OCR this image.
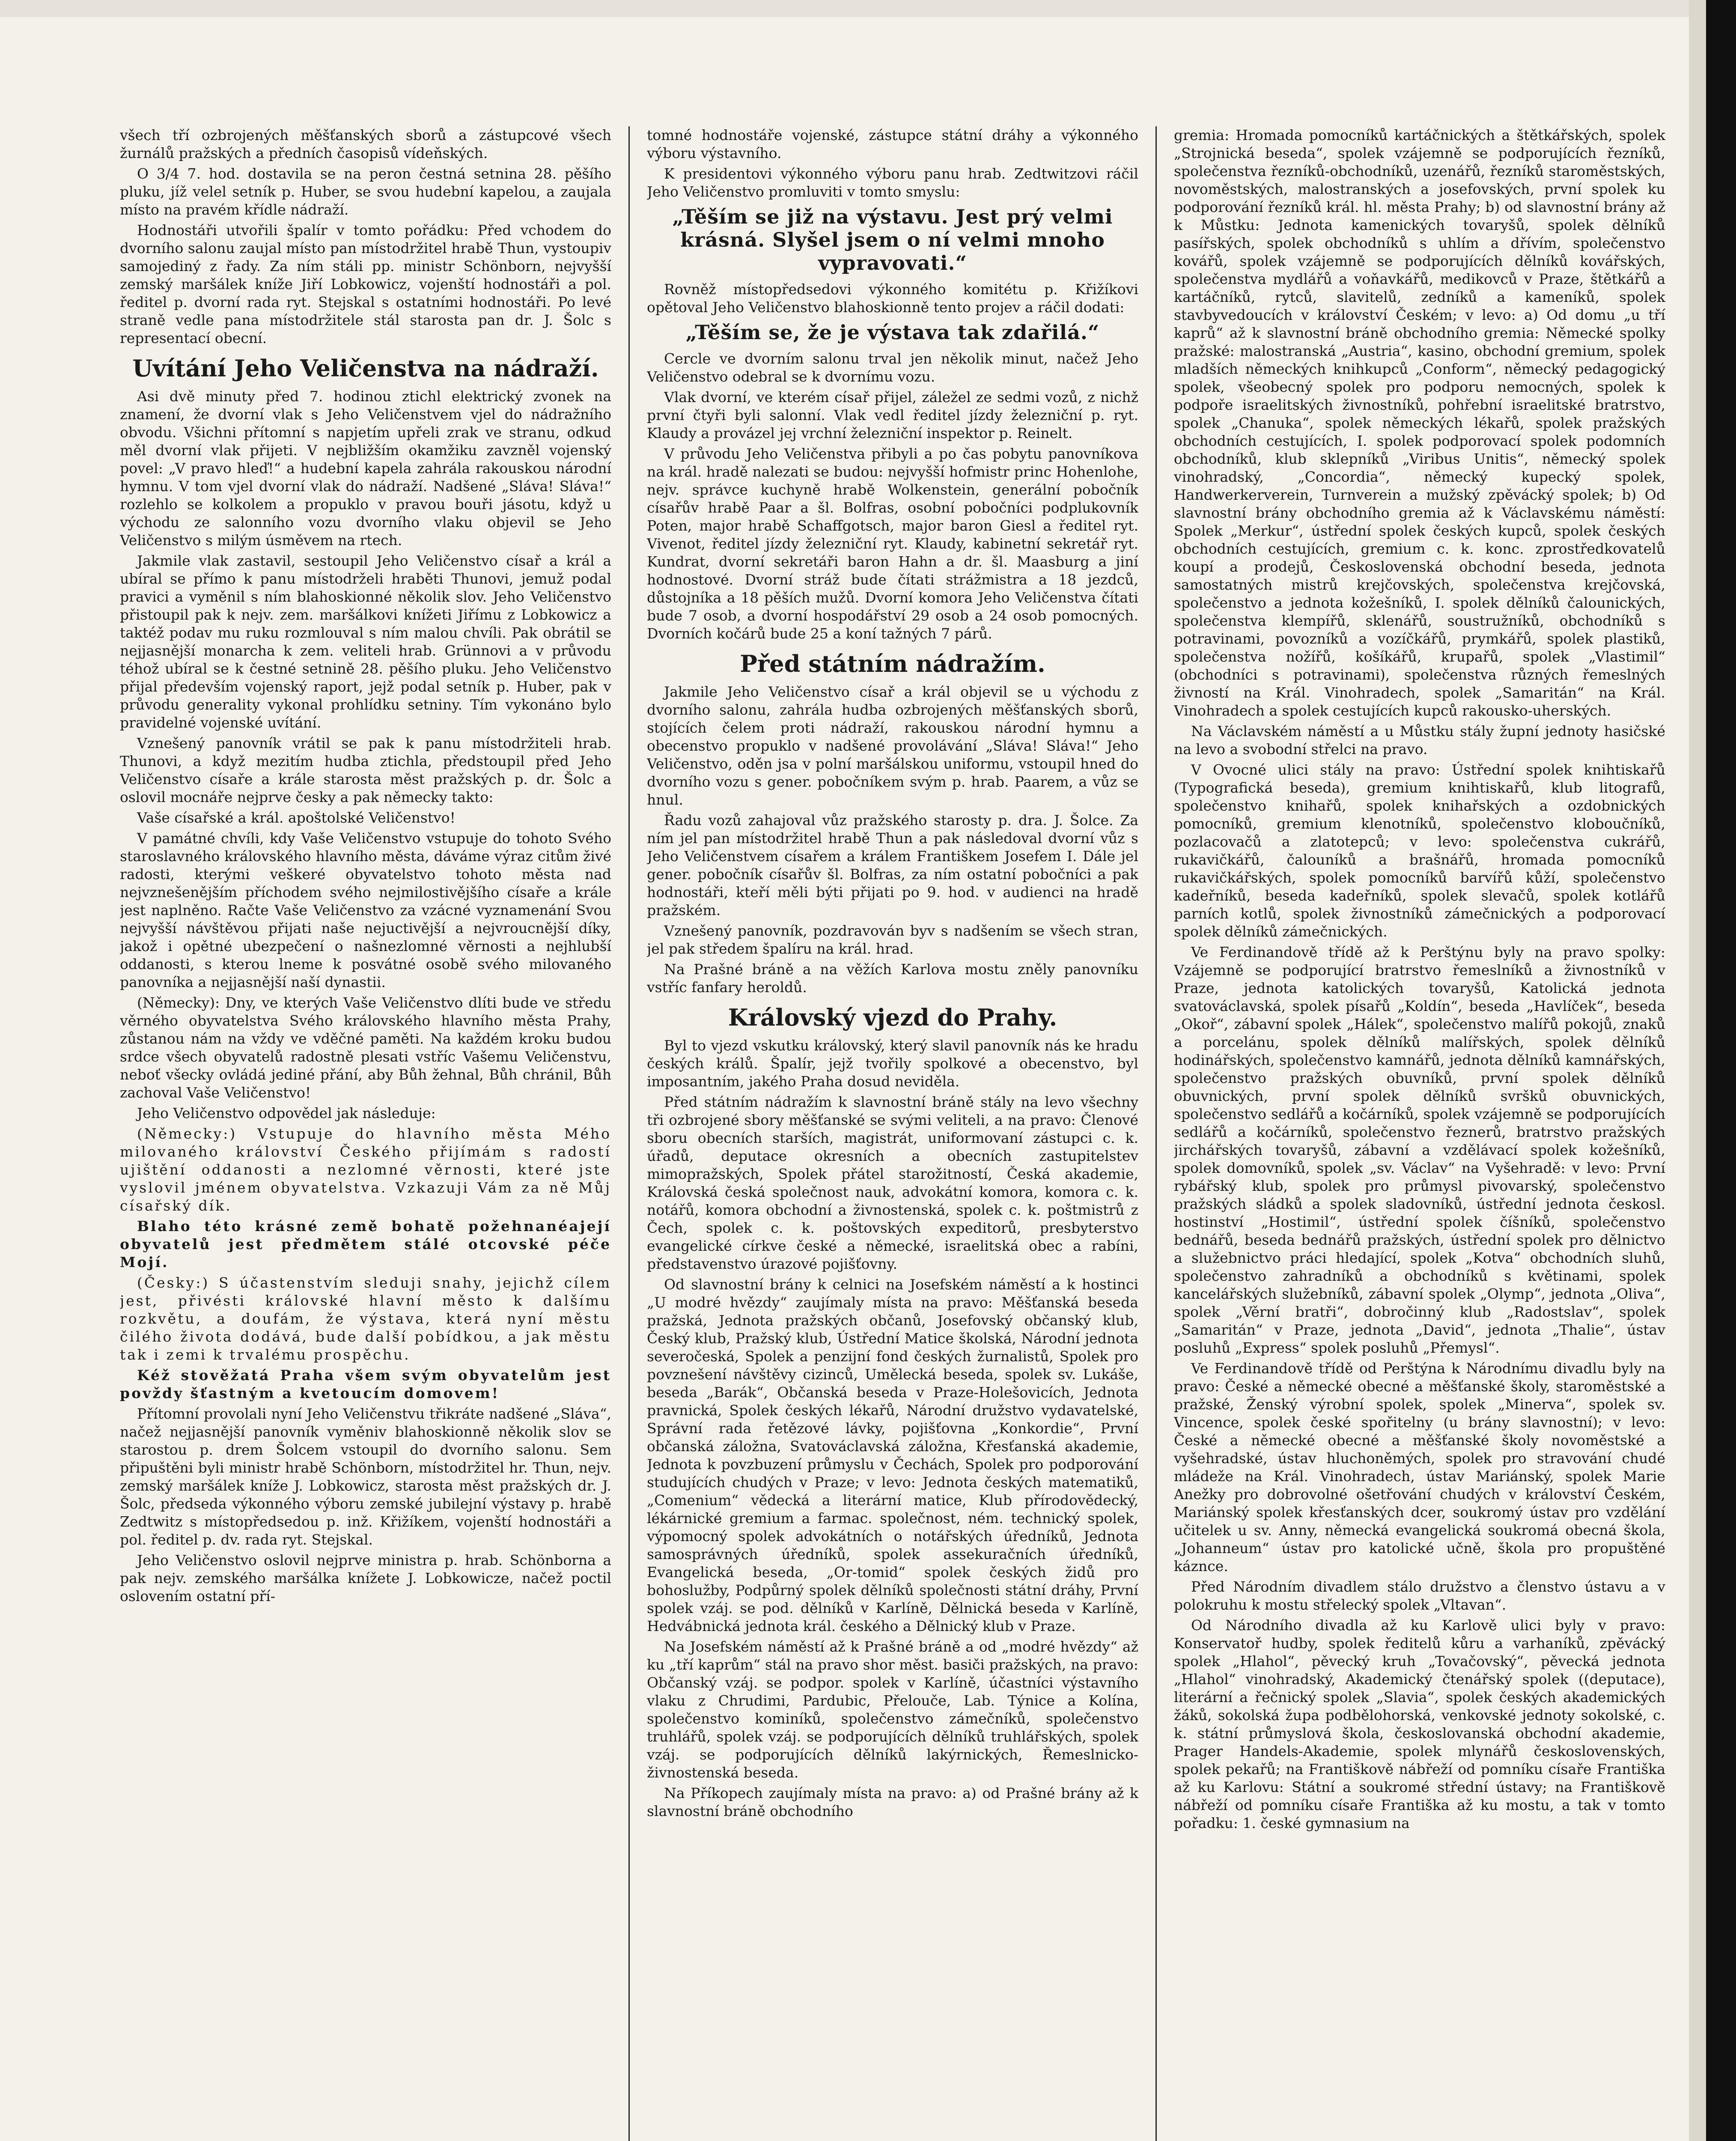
všech tří ozbrojených měšťanských sborů a zástupcové všech žurnálů pražských a předních časopisů vídeňských.

O 3/4 7. hod. dostavila se na peron čestná setnina 28. pěšího pluku, jíž velel setník p. Huber, se svou hudební kapelou, a zaujala místo na pravém křídle nádraží.

Hodnostáři utvořili špalír v tomto pořádku: Před vchodem do dvorního salonu zaujal místo pan místodržitel hrabě Thun, vystoupiv samojediný z řady. Za ním stáli pp. ministr Schönborn, nejvyšší zemský maršálek kníže Jiří Lobkowicz, vojenští hodnostáři a pol. ředitel p. dvorní rada ryt. Stejskal s ostatními hodnostáři. Po levé straně vedle pana místodržitele stál starosta pan dr. J. Šolc s representací obecní.

Uvítání Jeho Veličenstva na nádraží.

Asi dvě minuty před 7. hodinou ztichl elektrický zvonek na znamení, že dvorní vlak s Jeho Veličenstvem vjel do nádražního obvodu. Všichni přítomní s napjetím upřeli zrak ve stranu, odkud měl dvorní vlak přijeti. V nejbližším okamžiku zavzněl vojenský povel: „V pravo hleď!“ a hudební kapela zahrála rakouskou národní hymnu. V tom vjel dvorní vlak do nádraží. Nadšené „Sláva! Sláva!“ rozlehlo se kolkolem a propuklo v pravou bouři jásotu, když u východu ze salonního vozu dvorního vlaku objevil se Jeho Veličenstvo s milým úsměvem na rtech.

Jakmile vlak zastavil, sestoupil Jeho Veličenstvo císař a král a ubíral se přímo k panu místodrželi hraběti Thunovi, jemuž podal pravici a vyměnil s ním blahoskionné několik slov. Jeho Veličenstvo přistoupil pak k nejv. zem. maršálkovi knížeti Jiřímu z Lobkowicz a taktéž podav mu ruku rozmlouval s ním malou chvíli. Pak obrátil se nejjasnější monarcha k zem. veliteli hrab. Grünnovi a v průvodu téhož ubíral se k čestné setnině 28. pěšího pluku. Jeho Veličenstvo přijal především vojenský raport, jejž podal setník p. Huber, pak v průvodu generality vykonal prohlídku setniny. Tím vykonáno bylo pravidelné vojenské uvítání.

Vznešený panovník vrátil se pak k panu místodržiteli hrab. Thunovi, a když mezitím hudba ztichla, předstoupil před Jeho Veličenstvo císaře a krále starosta měst pražských p. dr. Šolc a oslovil mocnáře nejprve česky a pak německy takto:

Vaše císařské a král. apoštolské Veličenstvo!

V památné chvíli, kdy Vaše Veličenstvo vstupuje do tohoto Svého staroslavného královského hlavního města, dáváme výraz citům živé radosti, kterými veškeré obyvatelstvo tohoto města nad nejvznešenějším příchodem svého nejmilostivějšího císaře a krále jest naplněno. Račte Vaše Veličenstvo za vzácné vyznamenání Svou nejvyšší návštěvou přijati naše nejuctivější a nejvroucnější díky, jakož i opětné ubezpečení o našnezlomné věrnosti a nejhlubší oddanosti, s kterou lneme k posvátné osobě svého milovaného panovníka a nejjasnější naší dynastii.

(Německy): Dny, ve kterých Vaše Veličenstvo dlíti bude ve středu věrného obyvatelstva Svého královského hlavního města Prahy, zůstanou nám na vždy ve vděčné paměti. Na každém kroku budou srdce všech obyvatelů radostně plesati vstříc Vašemu Veličenstvu, neboť všecky ovládá jediné přání, aby Bůh žehnal, Bůh chránil, Bůh zachoval Vaše Veličenstvo!

Jeho Veličenstvo odpovědel jak následuje:

(Německy:) Vstupuje do hlavního města Mého milovaného království Českého přijímám s radostí ujištění oddanosti a nezlomné věrnosti, které jste vyslovil jménem obyvatelstva. Vzkazuji Vám za ně Můj císařský dík.

Blaho této krásné země bohatě požehnanéajejí obyvatelů jest předmětem stálé otcovské péče Mojí.

(Česky:) S účastenstvím sleduji snahy, jejichž cílem jest, přivésti královské hlavní město k dalšímu rozkvětu, a doufám, že výstava, která nyní městu čilého života dodává, bude další pobídkou, a jak městu tak i zemi k trvalému prospěchu.

Kéž stověžatá Praha všem svým obyvatelům jest povždy šťastným a kvetoucím domovem!

Přítomní provolali nyní Jeho Veličenstvu třikráte nadšené „Sláva“, načež nejjasnější panovník vyměniv blahoskionně několik slov se starostou p. drem Šolcem vstoupil do dvorního salonu. Sem připuštěni byli ministr hrabě Schönborn, místodržitel hr. Thun, nejv. zemský maršálek kníže J. Lobkowicz, starosta měst pražských dr. J. Šolc, předseda výkonného výboru zemské jubilejní výstavy p. hrabě Zedtwitz s místopředsedou p. inž. Křižíkem, vojenští hodnostáři a pol. ředitel p. dv. rada ryt. Stejskal.

Jeho Veličenstvo oslovil nejprve ministra p. hrab. Schönborna a pak nejv. zemského maršálka knížete J. Lobkowicze, načež poctil oslovením ostatní pří-

tomné hodnostáře vojenské, zástupce státní dráhy a výkonného výboru výstavního.

K presidentovi výkonného výboru panu hrab. Zedtwitzovi ráčil Jeho Veličenstvo promluviti v tomto smyslu:

„Těším se již na výstavu. Jest prý velmi krásná. Slyšel jsem o ní velmi mnoho vypravovati.“

Rovněž místopředsedovi výkonného komitétu p. Křižíkovi opětoval Jeho Veličenstvo blahoskionně tento projev a ráčil dodati:

„Těším se, že je výstava tak zdařilá.“

Cercle ve dvorním salonu trval jen několik minut, načež Jeho Veličenstvo odebral se k dvornímu vozu.

Vlak dvorní, ve kterém císař přijel, záležel ze sedmi vozů, z nichž první čtyři byli salonní. Vlak vedl ředitel jízdy železniční p. ryt. Klaudy a provázel jej vrchní železniční inspektor p. Reinelt.

V průvodu Jeho Veličenstva přibyli a po čas pobytu panovníkova na král. hradě nalezati se budou: nejvyšší hofmistr princ Hohenlohe, nejv. správce kuchyně hrabě Wolkenstein, generální pobočník císařův hrabě Paar a šl. Bolfras, osobní pobočníci podplukovník Poten, major hrabě Schaffgotsch, major baron Giesl a ředitel ryt. Vivenot, ředitel jízdy železniční ryt. Klaudy, kabinetní sekretář ryt. Kundrat, dvorní sekretáři baron Hahn a dr. šl. Maasburg a jiní hodnostové. Dvorní stráž bude čítati strážmistra a 18 jezdců, důstojníka a 18 pěších mužů. Dvorní komora Jeho Veličenstva čítati bude 7 osob, a dvorní hospodářství 29 osob a 24 osob pomocných. Dvorních kočárů bude 25 a koní tažných 7 párů.

Před státním nádražím.

Jakmile Jeho Veličenstvo císař a král objevil se u východu z dvorního salonu, zahrála hudba ozbrojených měšťanských sborů, stojících čelem proti nádraží, rakouskou národní hymnu a obecenstvo propuklo v nadšené provolávání „Sláva! Sláva!“ Jeho Veličenstvo, oděn jsa v polní maršálskou uniformu, vstoupil hned do dvorního vozu s gener. pobočníkem svým p. hrab. Paarem, a vůz se hnul.

Řadu vozů zahajoval vůz pražského starosty p. dra. J. Šolce. Za ním jel pan místodržitel hrabě Thun a pak následoval dvorní vůz s Jeho Veličenstvem císařem a králem Františkem Josefem I. Dále jel gener. pobočník císařův šl. Bolfras, za ním ostatní pobočníci a pak hodnostáři, kteří měli býti přijati po 9. hod. v audienci na hradě pražském.

Vznešený panovník, pozdravován byv s nadšením se všech stran, jel pak středem špalíru na král. hrad.

Na Prašné bráně a na věžích Karlova mostu zněly panovníku vstříc fanfary heroldů.

Královský vjezd do Prahy.

Byl to vjezd vskutku královský, který slavil panovník nás ke hradu českých králů. Špalír, jejž tvořily spolkové a obecenstvo, byl imposantním, jakého Praha dosud neviděla.

Před státním nádražím k slavnostní bráně stály na levo všechny tři ozbrojené sbory měšťanské se svými veliteli, a na pravo: Členové sboru obecních starších, magistrát, uniformovaní zástupci c. k. úřadů, deputace okresních a obecních zastupitelstev mimopražských, Spolek přátel starožitností, Česká akademie, Královská česká společnost nauk, advokátní komora, komora c. k. notářů, komora obchodní a živnostenská, spolek c. k. poštmistrů z Čech, spolek c. k. poštovských expeditorů, presbyterstvo evangelické církve české a německé, israelitská obec a rabíni, představenstvo úrazové pojišťovny.

Od slavnostní brány k celnici na Josefském náměstí a k hostinci „U modré hvězdy“ zaujímaly místa na pravo: Měšťanská beseda pražská, Jednota pražských občanů, Josefovský občanský klub, Český klub, Pražský klub, Ústřední Matice školská, Národní jednota severočeská, Spolek a penzijní fond českých žurnalistů, Spolek pro povznešení návštěvy cizinců, Umělecká beseda, spolek sv. Lukáše, beseda „Barák“, Občanská beseda v Praze-Holešovicích, Jednota pravnická, Spolek českých lékařů, Národní družstvo vydavatelské, Správní rada řetězové lávky, pojišťovna „Konkordie“, První občanská záložna, Svatováclavská záložna, Křesťanská akademie, Jednota k povzbuzení průmyslu v Čechách, Spolek pro podporování studujících chudých v Praze; v levo: Jednota českých matematiků, „Comenium“ vědecká a literární matice, Klub přírodovědecký, lékárnické gremium a farmac. společnost, ném. technický spolek, výpomocný spolek advokátních o notářských úředníků, Jednota samosprávných úředníků, spolek assekuračních úředníků, Evangelická beseda, „Or-tomid“ spolek českých židů pro bohoslužby, Podpůrný spolek dělníků společnosti státní dráhy, První spolek vzáj. se pod. dělníků v Karlíně, Dělnická beseda v Karlíně, Hedvábnická jednota král. českého a Dělnický klub v Praze.

Na Josefském náměstí až k Prašné bráně a od „modré hvězdy“ až ku „tří kaprům“ stál na pravo shor měst. basiči pražských, na pravo: Občanský vzáj. se podpor. spolek v Karlíně, účastníci výstavního vlaku z Chrudimi, Pardubic, Přelouče, Lab. Týnice a Kolína, společenstvo kominíků, společenstvo zámečníků, společenstvo truhlářů, spolek vzáj. se podporujících dělníků truhlářských, spolek vzáj. se podporujících dělníků lakýrnických, Řemeslnicko-živnostenská beseda.

Na Příkopech zaujímaly místa na pravo: a) od Prašné brány až k slavnostní bráně obchodního

gremia: Hromada pomocníků kartáčnických a štětkářských, spolek „Strojnická beseda“, spolek vzájemně se podporujících řezníků, společenstva řezníků-obchodníků, uzenářů, řezníků staroměstských, novoměstských, malostranských a josefovských, první spolek ku podporování řezníků král. hl. města Prahy; b) od slavnostní brány až k Můstku: Jednota kamenických tovaryšů, spolek dělníků pasířských, spolek obchodníků s uhlím a dřívím, společenstvo kovářů, spolek vzájemně se podporujících dělníků kovářských, společenstva mydlářů a voňavkářů, medikovců v Praze, štětkářů a kartáčníků, rytců, slavitelů, zedníků a kameníků, spolek stavbyvedoucích v království Českém; v levo: a) Od domu „u tří kaprů“ až k slavnostní bráně obchodního gremia: Německé spolky pražské: malostranská „Austria“, kasino, obchodní gremium, spolek mladších německých knihkupců „Conform“, německý pedagogický spolek, všeobecný spolek pro podporu nemocných, spolek k podpoře israelitských živnostníků, pohřební israelitské bratrstvo, spolek „Chanuka“, spolek německých lékařů, spolek pražských obchodních cestujících, I. spolek podporovací spolek podomních obchodníků, klub sklepníků „Viribus Unitis“, německý spolek vinohradský, „Concordia“, německý kupecký spolek, Handwerkerverein, Turnverein a mužský zpěvácký spolek; b) Od slavnostní brány obchodního gremia až k Václavskému náměstí: Spolek „Merkur“, ústřední spolek českých kupců, spolek českých obchodních cestujících, gremium c. k. konc. zprostředkovatelů koupí a prodejů, Československá obchodní beseda, jednota samostatných mistrů krejčovských, společenstva krejčovská, společenstvo a jednota kožešníků, I. spolek dělníků čalounických, společenstva klempířů, sklenářů, soustružníků, obchodníků s potravinami, povozníků a vozíčkářů, prymkářů, spolek plastiků, společenstva nožířů, košíkářů, krupařů, spolek „Vlastimil“ (obchodníci s potravinami), společenstva různých řemeslných živností na Král. Vinohradech, spolek „Samaritán“ na Král. Vinohradech a spolek cestujících kupců rakousko-uherských.

Na Václavském náměstí a u Můstku stály župní jednoty hasičské na levo a svobodní střelci na pravo.

V Ovocné ulici stály na pravo: Ústřední spolek knihtiskařů (Typografická beseda), gremium knihtiskařů, klub litografů, společenstvo knihařů, spolek knihařských a ozdobnických pomocníků, gremium klenotníků, společenstvo kloboučníků, pozlacovačů a zlatotepců; v levo: společenstva cukrářů, rukavičkářů, čalouníků a brašnářů, hromada pomocníků rukavičkářských, spolek pomocníků barvířů kůží, společenstvo kadeřníků, beseda kadeřníků, spolek slevačů, spolek kotlářů parních kotlů, spolek živnostníků zámečnických a podporovací spolek dělníků zámečnických.

Ve Ferdinandově třídě až k Perštýnu byly na pravo spolky: Vzájemně se podporující bratrstvo řemeslníků a živnostníků v Praze, jednota katolických tovaryšů, Katolická jednota svatováclavská, spolek písařů „Koldín“, beseda „Havlíček“, beseda „Okoř“, zábavní spolek „Hálek“, společenstvo malířů pokojů, znaků a porcelánu, spolek dělníků malířských, spolek dělníků hodinářských, společenstvo kamnářů, jednota dělníků kamnářských, společenstvo pražských obuvníků, první spolek dělníků obuvnických, první spolek dělníků svršků obuvnických, společenstvo sedlářů a kočárníků, spolek vzájemně se podporujících sedlářů a kočárníků, společenstvo řeznerů, bratrstvo pražských jirchářských tovaryšů, zábavní a vzdělávací spolek kožešníků, spolek domovníků, spolek „sv. Václav“ na Vyšehradě: v levo: První rybářský klub, spolek pro průmysl pivovarský, společenstvo pražských sládků a spolek sladovníků, ústřední jednota českosl. hostinství „Hostimil“, ústřední spolek číšníků, společenstvo bednářů, beseda bednářů pražských, ústřední spolek pro dělnictvo a služebnictvo práci hledající, spolek „Kotva“ obchodních sluhů, společenstvo zahradníků a obchodníků s květinami, spolek kancelářských služebníků, zábavní spolek „Olymp“, jednota „Oliva“, spolek „Věrní bratři“, dobročinný klub „Radostslav“, spolek „Samaritán“ v Praze, jednota „David“, jednota „Thalie“, ústav posluhů „Express“ spolek posluhů „Přemysl“.

Ve Ferdinandově třídě od Perštýna k Národnímu divadlu byly na pravo: České a německé obecné a měšťanské školy, staroměstské a pražské, Ženský výrobní spolek, spolek „Minerva“, spolek sv. Vincence, spolek české spořitelny (u brány slavnostní); v levo: České a německé obecné a měšťanské školy novoměstské a vyšehradské, ústav hluchoněmých, spolek pro stravování chudé mládeže na Král. Vinohradech, ústav Mariánský, spolek Marie Anežky pro dobrovolné ošetřování chudých v království Českém, Mariánský spolek křesťanských dcer, soukromý ústav pro vzdělání učitelek u sv. Anny, německá evangelická soukromá obecná škola, „Johanneum“ ústav pro katolické učně, škola pro propuštěné káznce.

Před Národním divadlem stálo družstvo a členstvo ústavu a v polokruhu k mostu střelecký spolek „Vltavan“.

Od Národního divadla až ku Karlově ulici byly v pravo: Konservatoř hudby, spolek ředitelů kůru a varhaníků, zpěvácký spolek „Hlahol“, pěvecký kruh „Tovačovský“, pěvecká jednota „Hlahol“ vinohradský, Akademický čtenářský spolek ((deputace), literární a řečnický spolek „Slavia“, spolek českých akademických žáků, sokolská župa podbělohorská, venkovské jednoty sokolské, c. k. státní průmyslová škola, českoslovanská obchodní akademie, Prager Handels-Akademie, spolek mlynářů československých, spolek pekařů; na Františkově nábřeží od pomníku císaře Františka až ku Karlovu: Státní a soukromé střední ústavy; na Františkově nábřeží od pomníku císaře Františka až ku mostu, a tak v tomto pořadku: 1. české gymnasium na
